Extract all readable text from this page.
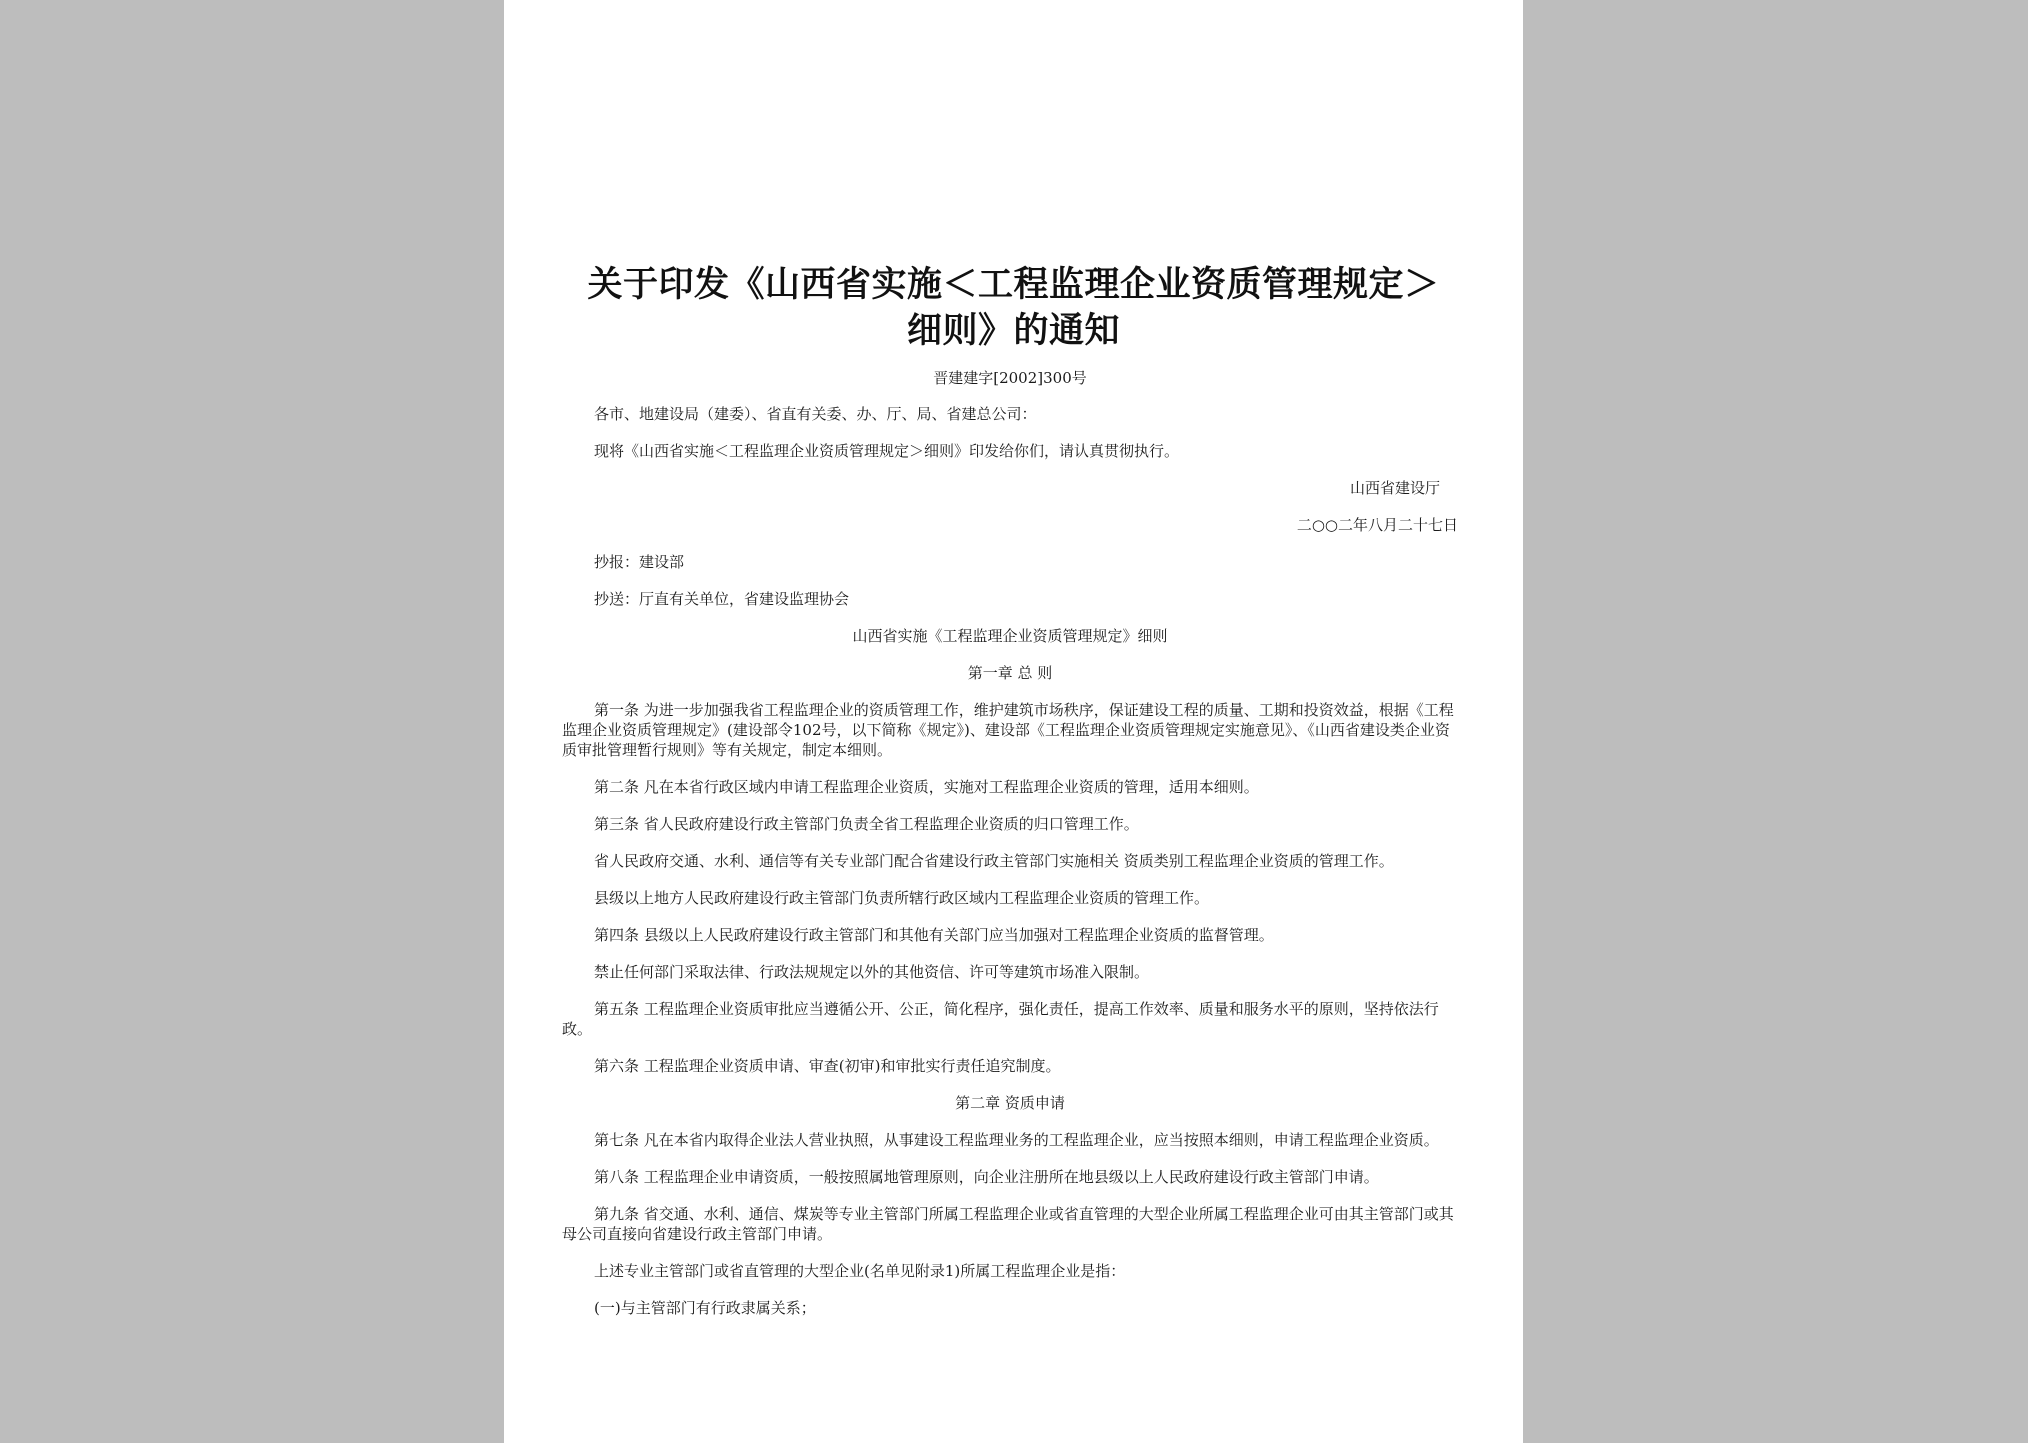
关于印发《山西省实施＜工程监理企业资质管理规定＞
细则》的通知

晋建建字[2002]300号

各市、地建设局（建委）、省直有关委、办、厅、局、省建总公司：

现将《山西省实施＜工程监理企业资质管理规定＞细则》印发给你们，请认真贯彻执行。

山西省建设厅

二○○二年八月二十七日

抄报：建设部

抄送：厅直有关单位，省建设监理协会

山西省实施《工程监理企业资质管理规定》细则

第一章 总 则

第一条 为进一步加强我省工程监理企业的资质管理工作，维护建筑市场秩序，保证建设工程的质量、工期和投资效益，根据《工程监理企业资质管理规定》(建设部令102号，以下简称《规定》)、建设部《工程监理企业资质管理规定实施意见》、《山西省建设类企业资质审批管理暂行规则》等有关规定，制定本细则。

第二条 凡在本省行政区域内申请工程监理企业资质，实施对工程监理企业资质的管理，适用本细则。

第三条 省人民政府建设行政主管部门负责全省工程监理企业资质的归口管理工作。

省人民政府交通、水利、通信等有关专业部门配合省建设行政主管部门实施相关 资质类别工程监理企业资质的管理工作。

县级以上地方人民政府建设行政主管部门负责所辖行政区域内工程监理企业资质的管理工作。

第四条 县级以上人民政府建设行政主管部门和其他有关部门应当加强对工程监理企业资质的监督管理。

禁止任何部门采取法律、行政法规规定以外的其他资信、许可等建筑市场准入限制。

第五条 工程监理企业资质审批应当遵循公开、公正，简化程序，强化责任，提高工作效率、质量和服务水平的原则，坚持依法行政。

第六条 工程监理企业资质申请、审查(初审)和审批实行责任追究制度。

第二章 资质申请

第七条 凡在本省内取得企业法人营业执照，从事建设工程监理业务的工程监理企业，应当按照本细则，申请工程监理企业资质。

第八条 工程监理企业申请资质，一般按照属地管理原则，向企业注册所在地县级以上人民政府建设行政主管部门申请。

第九条 省交通、水利、通信、煤炭等专业主管部门所属工程监理企业或省直管理的大型企业所属工程监理企业可由其主管部门或其母公司直接向省建设行政主管部门申请。

上述专业主管部门或省直管理的大型企业(名单见附录1)所属工程监理企业是指：

(一)与主管部门有行政隶属关系；
